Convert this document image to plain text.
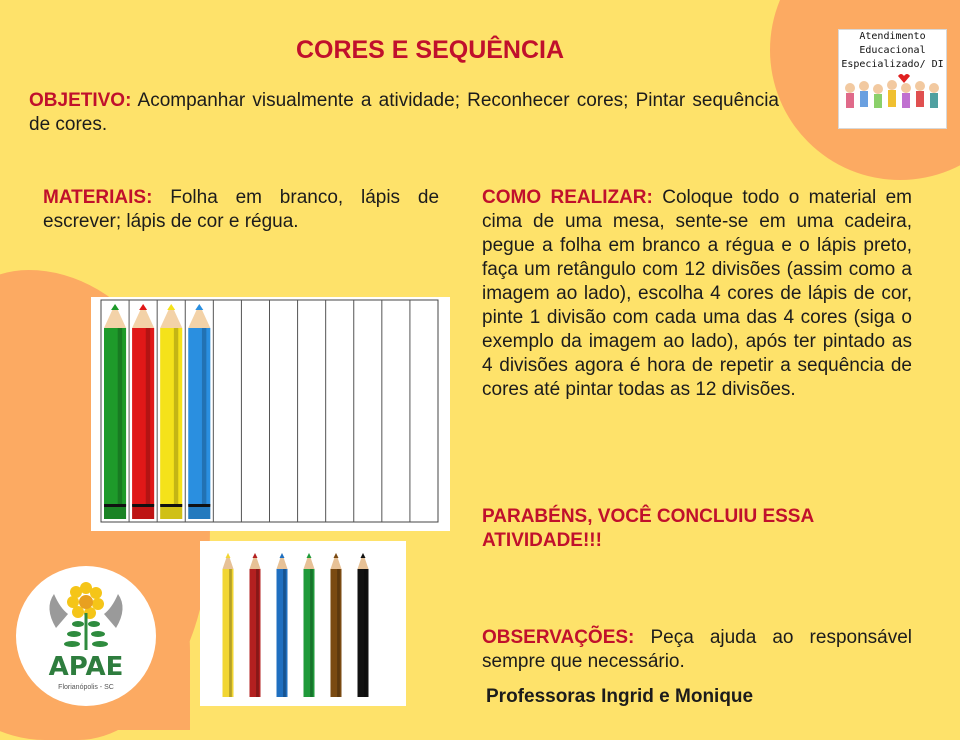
CORES E SEQUÊNCIA
OBJETIVO: Acompanhar visualmente a atividade; Reconhecer cores; Pintar sequência de cores.
MATERIAIS: Folha em branco, lápis de escrever; lápis de cor e régua.
COMO REALIZAR: Coloque todo o material em cima de uma mesa, sente-se em uma cadeira, pegue a folha em branco a régua e o lápis preto, faça um retângulo com 12 divisões (assim como a imagem ao lado), escolha 4 cores de lápis de cor, pinte 1 divisão com cada uma das 4 cores (siga o exemplo da imagem ao lado), após ter pintado as 4 divisões agora é hora de repetir a sequência de cores até pintar todas as 12 divisões.
PARABÉNS, VOCÊ CONCLUIU ESSA ATIVIDADE!!!
OBSERVAÇÕES: Peça ajuda ao responsável sempre que necessário.
Professoras Ingrid e Monique
Atendimento
Educacional
Especializado/ DI
APAE
Florianópolis - SC
